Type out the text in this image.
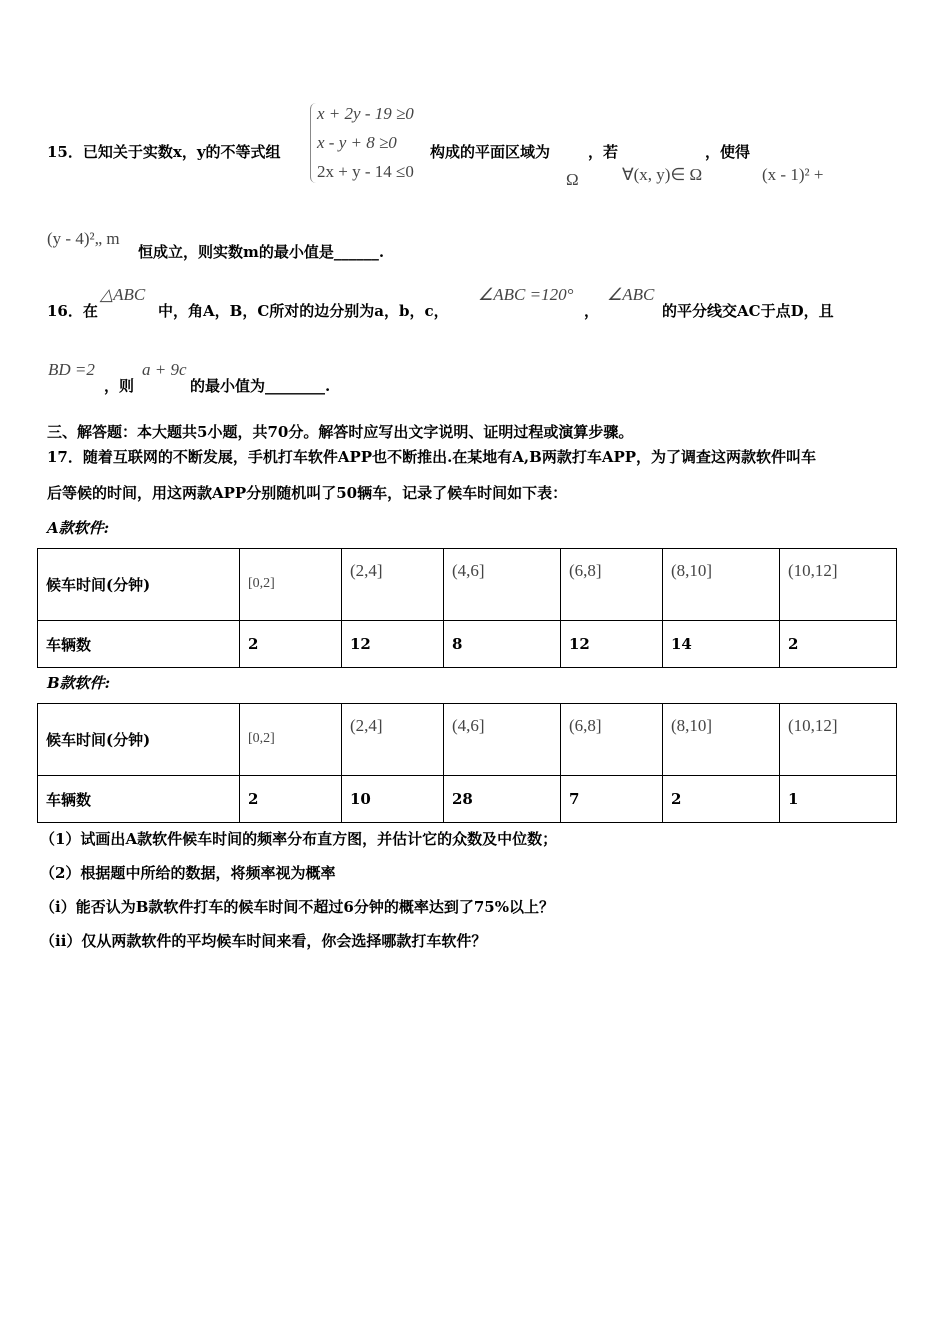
15．已知关于实数x，y的不等式组
x + 2y - 19 ≥0
x - y + 8 ≥0
2x + y - 14 ≤0
构成的平面区域为
Ω
，若
∀(x, y)∈ Ω
，使得
(x - 1)² +
(y - 4)²„ m
恒成立，则实数m的最小值是______.
16．在
△ABC
中，角A，B，C所对的边分别为a，b，c，
∠ABC =120°
，
∠ABC
的平分线交AC于点D，且
BD =2
，则
a + 9c
的最小值为________.
三、解答题：本大题共5小题，共70分。解答时应写出文字说明、证明过程或演算步骤。
17．随着互联网的不断发展，手机打车软件APP也不断推出.在某地有A,B两款打车APP，为了调查这两款软件叫车
后等候的时间，用这两款APP分别随机叫了50辆车，记录了候车时间如下表：
A款软件:
候车时间(分钟)	[0,2]	(2,4]	(4,6]	(6,8]	(8,10]	(10,12]
车辆数	2	12	8	12	14	2
B款软件:
候车时间(分钟)	[0,2]	(2,4]	(4,6]	(6,8]	(8,10]	(10,12]
车辆数	2	10	28	7	2	1
（1）试画出A款软件候车时间的频率分布直方图，并估计它的众数及中位数；
（2）根据题中所给的数据，将频率视为概率
（i）能否认为B款软件打车的候车时间不超过6分钟的概率达到了75%以上？
（ii）仅从两款软件的平均候车时间来看，你会选择哪款打车软件？
